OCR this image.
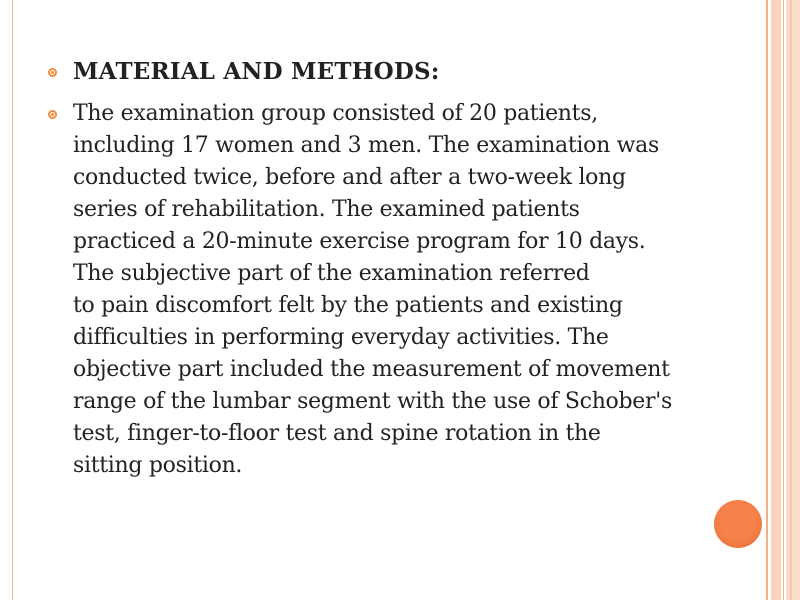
MATERIAL AND METHODS:
The examination group consisted of 20 patients,
including 17 women and 3 men. The examination was
conducted twice, before and after a two-week long
series of rehabilitation. The examined patients
practiced a 20-minute exercise program for 10 days.
The subjective part of the examination referred
to pain discomfort felt by the patients and existing
difficulties in performing everyday activities. The
objective part included the measurement of movement
range of the lumbar segment with the use of Schober's
test, finger-to-floor test and spine rotation in the
sitting position.
